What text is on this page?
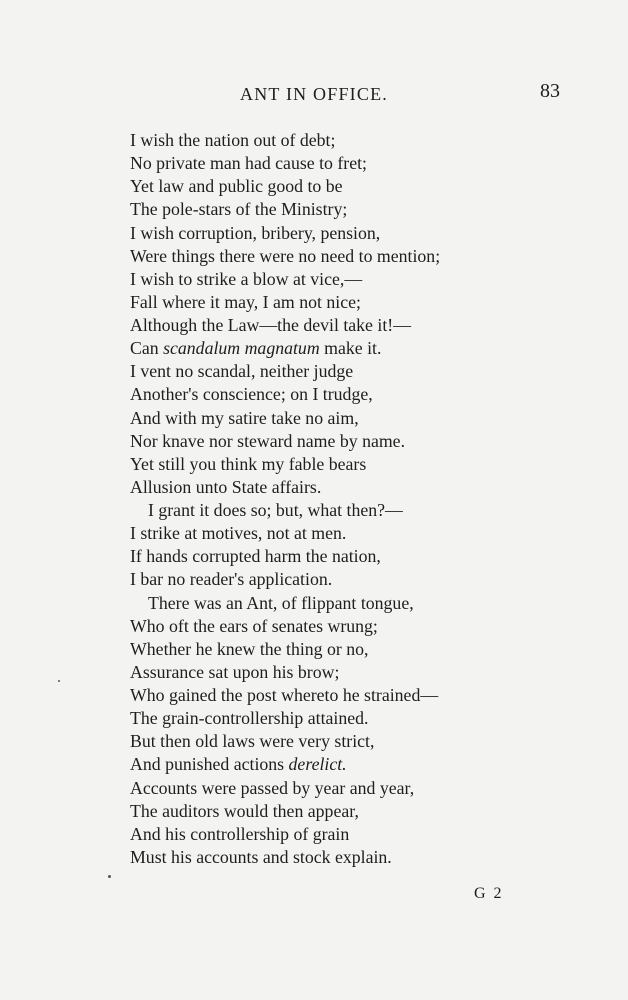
ANT IN OFFICE.	83
I wish the nation out of debt;
No private man had cause to fret;
Yet law and public good to be
The pole-stars of the Ministry;
I wish corruption, bribery, pension,
Were things there were no need to mention;
I wish to strike a blow at vice,—
Fall where it may, I am not nice;
Although the Law—the devil take it!—
Can scandalum magnatum make it.
I vent no scandal, neither judge
Another's conscience; on I trudge,
And with my satire take no aim,
Nor knave nor steward name by name.
Yet still you think my fable bears
Allusion unto State affairs.
I grant it does so; but, what then?—
I strike at motives, not at men.
If hands corrupted harm the nation,
I bar no reader's application.
There was an Ant, of flippant tongue,
Who oft the ears of senates wrung;
Whether he knew the thing or no,
Assurance sat upon his brow;
Who gained the post whereto he strained—
The grain-controllership attained.
But then old laws were very strict,
And punished actions derelict.
Accounts were passed by year and year,
The auditors would then appear,
And his controllership of grain
Must his accounts and stock explain.
G 2
